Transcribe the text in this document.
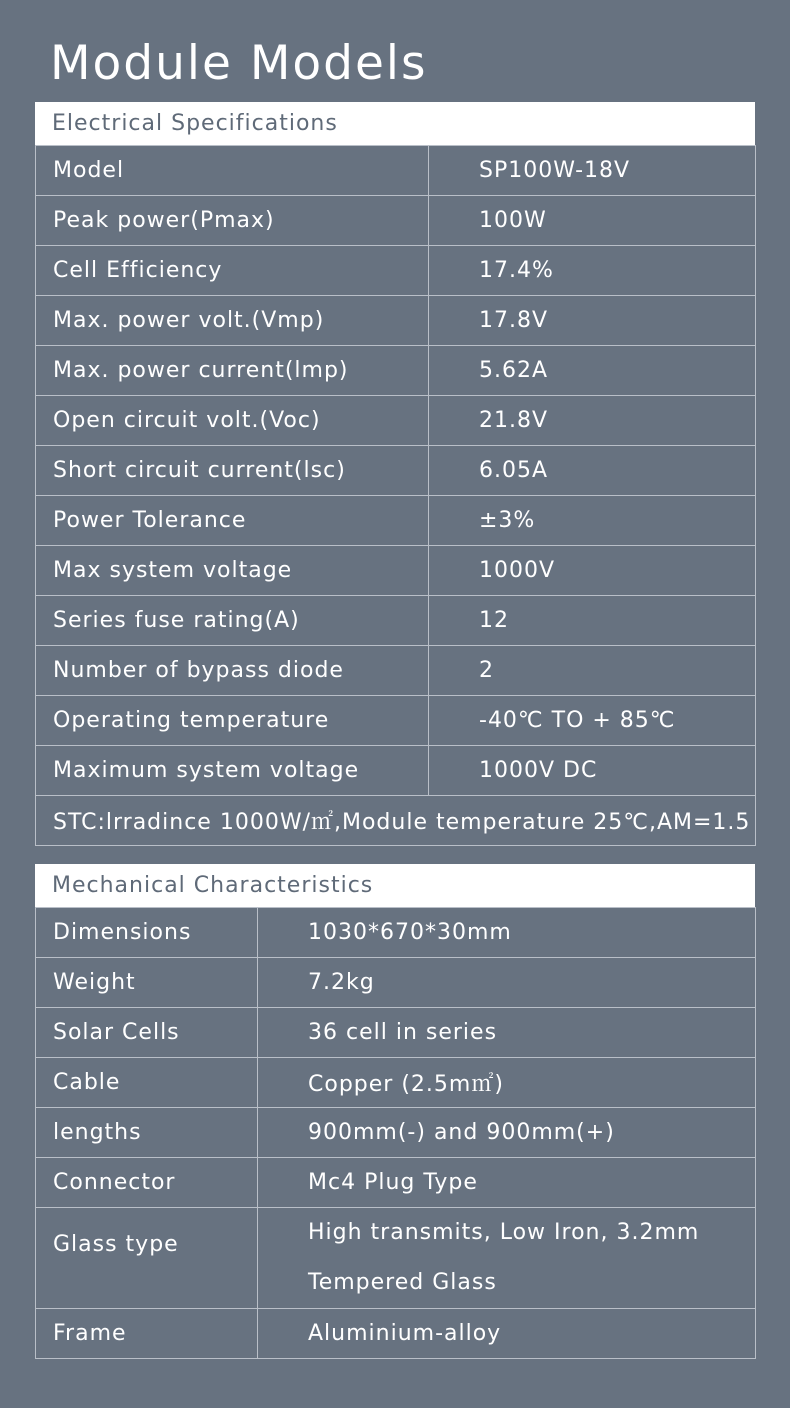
Module Models
Electrical Specifications
Model	SP100W-18V
Peak power(Pmax)	100W
Cell Efficiency	17.4%
Max. power volt.(Vmp)	17.8V
Max. power current(lmp)	5.62A
Open circuit volt.(Voc)	21.8V
Short circuit current(lsc)	6.05A
Power Tolerance	±3%
Max system voltage	1000V
Series fuse rating(A)	12
Number of bypass diode	2
Operating temperature	-40℃ TO + 85℃
Maximum system voltage	1000V DC
STC:lrradince 1000W/㎡,Module temperature 25℃,AM=1.5	
Mechanical Characteristics
Dimensions	1030*670*30mm
Weight	7.2kg
Solar Cells	36 cell in series
Cable	Copper (2.5m㎡)
lengths	900mm(-) and 900mm(+)
Connector	Mc4 Plug Type
Glass type	High transmits, Low Iron, 3.2mm
Tempered Glass

Frame	Aluminium-alloy
